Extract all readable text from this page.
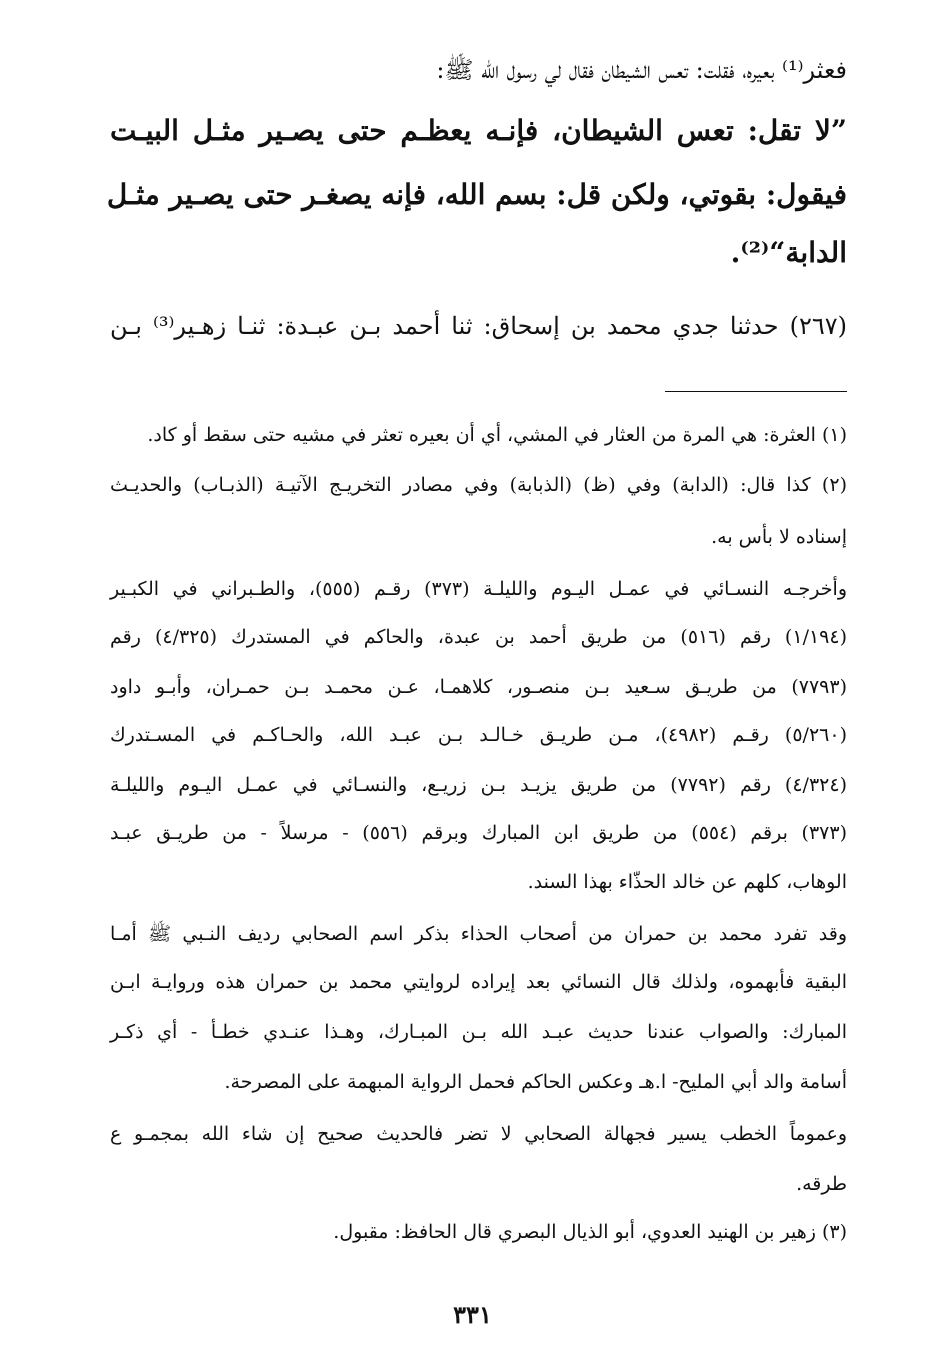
فعثر⁽¹⁾ بعيره، فقلت: تعس الشيطان فقال لي رسول الله ﷺ:
”لا تقل: تعس الشيطان، فإنـه يعظـم حتى يصـير مثـل البيـت
فيقول: بقوتي، ولكن قل: بسم الله، فإنه يصغـر حتى يصـير مثـل
الدابة“⁽²⁾.
(٢٦٧) حدثنا جدي محمد بن إسحاق: ثنا أحمد بـن عبـدة: ثنـا زهـير⁽³⁾ بـن
(١) العثرة: هي المرة من العثار في المشي، أي أن بعيره تعثر في مشيه حتى سقط أو كاد.
(٢) كذا قال: (الدابة) وفي (ظ) (الذبابة) وفي مصادر التخريـج الآتيـة (الذبـاب) والحديـث
إسناده لا بأس به.
وأخرجـه النسـائي في عمـل اليـوم والليلـة (٣٧٣) رقـم (٥٥٥)، والطـبراني في الكبـير
(١/١٩٤) رقم (٥١٦) من طريق أحمد بن عبدة، والحاكم في المستدرك (٤/٣٢٥) رقم
(٧٧٩٣) من طريـق سـعيد بـن منصـور، كلاهمـا، عـن محمـد بـن حمـران، وأبـو داود
(٥/٢٦٠) رقـم (٤٩٨٢)، مـن طريـق خـالـد بـن عبـد الله، والحـاكـم في المسـتدرك
(٤/٣٢٤) رقم (٧٧٩٢) من طريق يزيـد بـن زريـع، والنسـائي في عمـل اليـوم والليلـة
(٣٧٣) برقم (٥٥٤) من طريق ابن المبارك وبرقم (٥٥٦) - مرسلاً - من طريـق عبـد
الوهاب، كلهم عن خالد الحذّاء بهذا السند.
وقد تفرد محمد بن حمران من أصحاب الحذاء بذكر اسم الصحابي رديف النـبي ﷺ أمـا
البقية فأبهموه، ولذلك قال النسائي بعد إيراده لروايتي محمد بن حمران هذه وروايـة ابـن
المبارك: والصواب عندنا حديث عبـد الله بـن المبـارك، وهـذا عنـدي خطـأ - أي ذكـر
أسامة والد أبي المليح- ا.هـ وعكس الحاكم فحمل الرواية المبهمة على المصرحة.
وعموماً الخطب يسير فجهالة الصحابي لا تضر فالحديث صحيح إن شاء الله بمجمـو ع
طرقه.
(٣) زهير بن الهنيد العدوي، أبو الذيال البصري قال الحافظ: مقبول.
٣٣١
